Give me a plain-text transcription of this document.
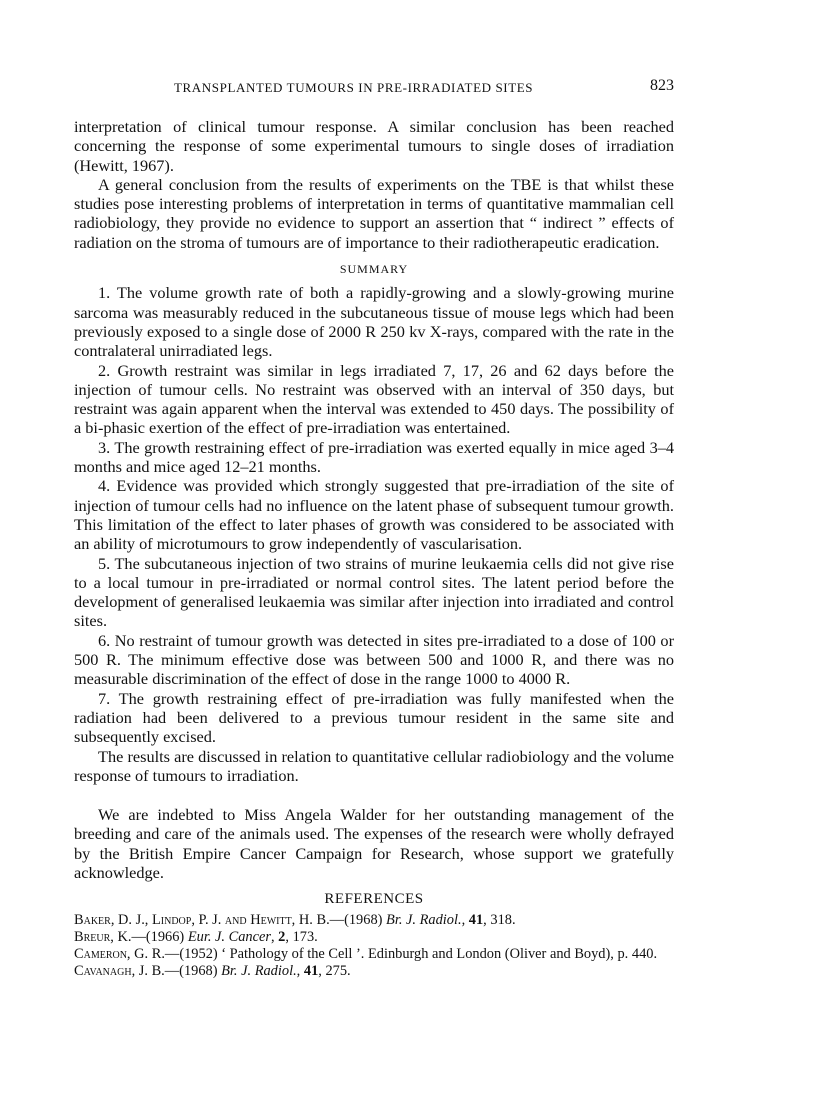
TRANSPLANTED TUMOURS IN PRE-IRRADIATED SITES	823

interpretation of clinical tumour response. A similar conclusion has been reached concerning the response of some experimental tumours to single doses of irradiation (Hewitt, 1967).

A general conclusion from the results of experiments on the TBE is that whilst these studies pose interesting problems of interpretation in terms of quantitative mammalian cell radiobiology, they provide no evidence to support an assertion that “ indirect ” effects of radiation on the stroma of tumours are of importance to their radiotherapeutic eradication.

SUMMARY

1. The volume growth rate of both a rapidly-growing and a slowly-growing murine sarcoma was measurably reduced in the subcutaneous tissue of mouse legs which had been previously exposed to a single dose of 2000 R 250 kv X-rays, compared with the rate in the contralateral unirradiated legs.

2. Growth restraint was similar in legs irradiated 7, 17, 26 and 62 days before the injection of tumour cells. No restraint was observed with an interval of 350 days, but restraint was again apparent when the interval was extended to 450 days. The possibility of a bi-phasic exertion of the effect of pre-irradiation was entertained.

3. The growth restraining effect of pre-irradiation was exerted equally in mice aged 3–4 months and mice aged 12–21 months.

4. Evidence was provided which strongly suggested that pre-irradiation of the site of injection of tumour cells had no influence on the latent phase of subsequent tumour growth. This limitation of the effect to later phases of growth was considered to be associated with an ability of microtumours to grow independently of vascularisation.

5. The subcutaneous injection of two strains of murine leukaemia cells did not give rise to a local tumour in pre-irradiated or normal control sites. The latent period before the development of generalised leukaemia was similar after injection into irradiated and control sites.

6. No restraint of tumour growth was detected in sites pre-irradiated to a dose of 100 or 500 R. The minimum effective dose was between 500 and 1000 R, and there was no measurable discrimination of the effect of dose in the range 1000 to 4000 R.

7. The growth restraining effect of pre-irradiation was fully manifested when the radiation had been delivered to a previous tumour resident in the same site and subsequently excised.

The results are discussed in relation to quantitative cellular radiobiology and the volume response of tumours to irradiation.

We are indebted to Miss Angela Walder for her outstanding management of the breeding and care of the animals used. The expenses of the research were wholly defrayed by the British Empire Cancer Campaign for Research, whose support we gratefully acknowledge.

REFERENCES

Baker, D. J., Lindop, P. J. and Hewitt, H. B.—(1968) Br. J. Radiol., 41, 318.
Breur, K.—(1966) Eur. J. Cancer, 2, 173.
Cameron, G. R.—(1952) ‘ Pathology of the Cell ’. Edinburgh and London (Oliver and Boyd), p. 440.
Cavanagh, J. B.—(1968) Br. J. Radiol., 41, 275.
